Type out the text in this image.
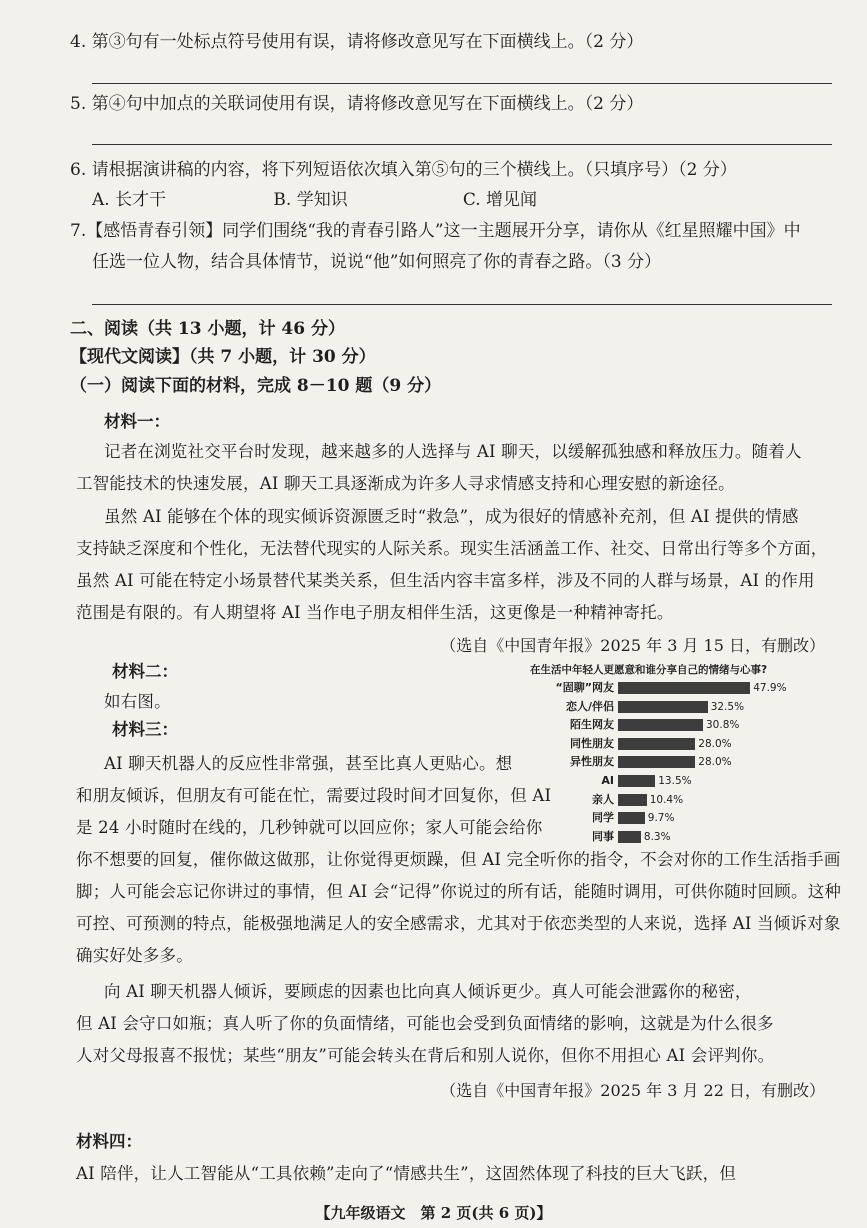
4. 第③句有一处标点符号使用有误，请将修改意见写在下面横线上。（2 分）
5. 第④句中加点的关联词使用有误，请将修改意见写在下面横线上。（2 分）
6. 请根据演讲稿的内容，将下列短语依次填入第⑤句的三个横线上。（只填序号）（2 分）
A. 长才干	B. 学知识	C. 增见闻
7.【感悟青春引领】同学们围绕“我的青春引路人”这一主题展开分享，请你从《红星照耀中国》中
任选一位人物，结合具体情节，说说“他”如何照亮了你的青春之路。（3 分）
二、阅读（共 13 小题，计 46 分）
【现代文阅读】（共 7 小题，计 30 分）
（一）阅读下面的材料，完成 8－10 题（9 分）
材料一：
记者在浏览社交平台时发现，越来越多的人选择与 AI 聊天，以缓解孤独感和释放压力。随着人
工智能技术的快速发展，AI 聊天工具逐渐成为许多人寻求情感支持和心理安慰的新途径。
虽然 AI 能够在个体的现实倾诉资源匮乏时“救急”，成为很好的情感补充剂，但 AI 提供的情感
支持缺乏深度和个性化，无法替代现实的人际关系。现实生活涵盖工作、社交、日常出行等多个方面，
虽然 AI 可能在特定小场景替代某类关系，但生活内容丰富多样，涉及不同的人群与场景，AI 的作用
范围是有限的。有人期望将 AI 当作电子朋友相伴生活，这更像是一种精神寄托。
（选自《中国青年报》2025 年 3 月 15 日，有删改）
材料二：
如右图。
材料三：
AI 聊天机器人的反应性非常强，甚至比真人更贴心。想
和朋友倾诉，但朋友有可能在忙，需要过段时间才回复你，但 AI
是 24 小时随时在线的，几秒钟就可以回应你；家人可能会给你
你不想要的回复，催你做这做那，让你觉得更烦躁，但 AI 完全听你的指令，不会对你的工作生活指手画
脚；人可能会忘记你讲过的事情，但 AI 会“记得”你说过的所有话，能随时调用，可供你随时回顾。这种
可控、可预测的特点，能极强地满足人的安全感需求，尤其对于依恋类型的人来说，选择 AI 当倾诉对象
确实好处多多。
向 AI 聊天机器人倾诉，要顾虑的因素也比向真人倾诉更少。真人可能会泄露你的秘密，
但 AI 会守口如瓶；真人听了你的负面情绪，可能也会受到负面情绪的影响，这就是为什么很多
人对父母报喜不报忧；某些“朋友”可能会转头在背后和别人说你，但你不用担心 AI 会评判你。
（选自《中国青年报》2025 年 3 月 22 日，有删改）
材料四：
AI 陪伴，让人工智能从“工具依赖”走向了“情感共生”，这固然体现了科技的巨大飞跃，但
在生活中年轻人更愿意和谁分享自己的情绪与心事?
“固聊”网友	47.9%
恋人/伴侣	32.5%
陌生网友	30.8%
同性朋友	28.0%
异性朋友	28.0%
AI	13.5%
亲人	10.4%
同学	9.7%
同事	8.3%
【九年级语文　第 2 页(共 6 页)】
